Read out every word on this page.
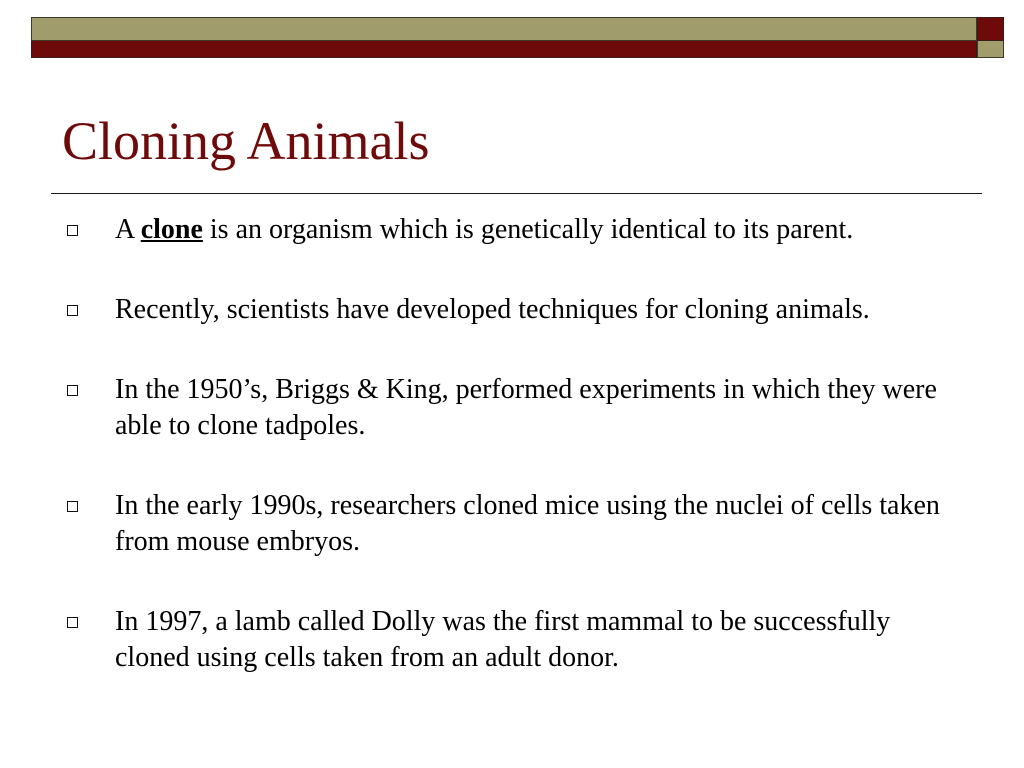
Cloning Animals
A clone is an organism which is genetically identical to its parent.
Recently, scientists have developed techniques for cloning animals.
In the 1950’s, Briggs & King, performed experiments in which they were able to clone tadpoles.
In the early 1990s, researchers cloned mice using the nuclei of cells taken from mouse embryos.
In 1997, a lamb called Dolly was the first mammal to be successfully cloned using cells taken from an adult donor.
